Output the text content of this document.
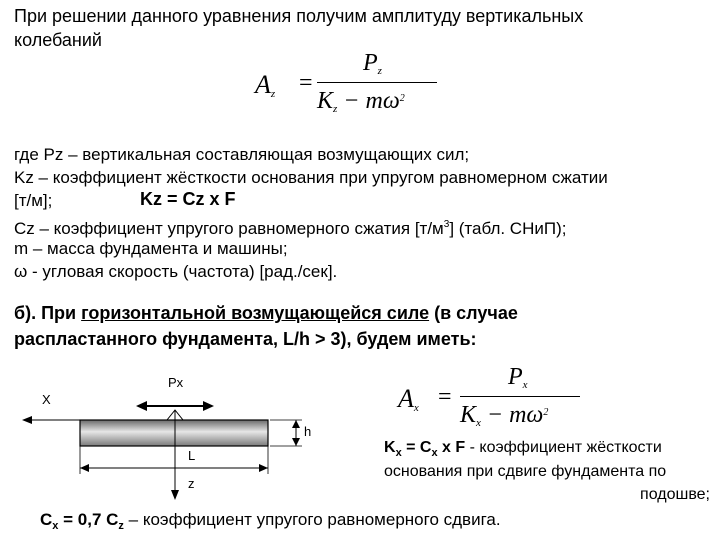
При решении данного уравнения получим амплитуду вертикальных
колебаний
$A_z$ =
$P_z$
$K_z - m\omega^2$
где Pz – вертикальная составляющая возмущающих сил;
Kz – коэффициент жёсткости основания при упругом равномерном сжатии
[т/м];	Kz = Cz x F
Cz – коэффициент упругого равномерного сжатия $[т/м^3]$ (табл. СНиП);
m – масса фундамента и машины;
ω - угловая скорость (частота) [рад./сек].
б). При горизонтальной возмущающейся силе (в случае
распластанного фундамента, L/h > 3), будем иметь:
X
Px
z
h
L
$A_x$ =
$P_x$
$K_x - m\omega^2$
$K_x = C_x$ x F - коэффициент жёсткости
основания при сдвиге фундамента по
подошве;
$C_x = 0,7$ $C_z$ – коэффициент упругого равномерного сдвига.
